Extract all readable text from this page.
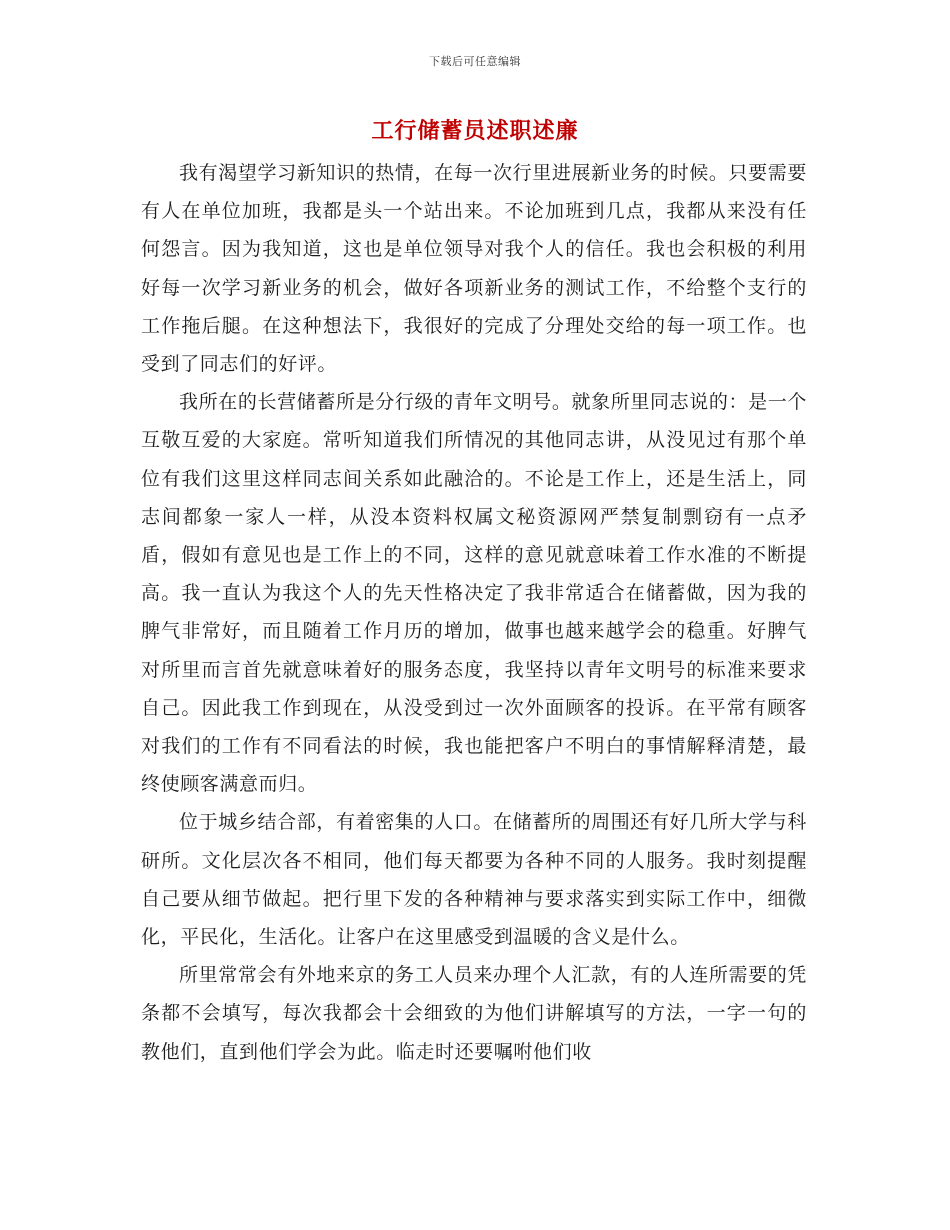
下载后可任意编辑
工行储蓄员述职述廉

我有渴望学习新知识的热情，在每一次行里进展新业务的时候。只要需要有人在单位加班，我都是头一个站出来。不论加班到几点，我都从来没有任何怨言。因为我知道，这也是单位领导对我个人的信任。我也会积极的利用好每一次学习新业务的机会，做好各项新业务的测试工作，不给整个支行的工作拖后腿。在这种想法下，我很好的完成了分理处交给的每一项工作。也受到了同志们的好评。

我所在的长营储蓄所是分行级的青年文明号。就象所里同志说的：是一个互敬互爱的大家庭。常听知道我们所情况的其他同志讲，从没见过有那个单位有我们这里这样同志间关系如此融洽的。不论是工作上，还是生活上，同志间都象一家人一样，从没本资料权属文秘资源网严禁复制剽窃有一点矛盾，假如有意见也是工作上的不同，这样的意见就意味着工作水准的不断提高。我一直认为我这个人的先天性格决定了我非常适合在储蓄做，因为我的脾气非常好，而且随着工作月历的增加，做事也越来越学会的稳重。好脾气对所里而言首先就意味着好的服务态度，我坚持以青年文明号的标准来要求自己。因此我工作到现在，从没受到过一次外面顾客的投诉。在平常有顾客对我们的工作有不同看法的时候，我也能把客户不明白的事情解释清楚，最终使顾客满意而归。

位于城乡结合部，有着密集的人口。在储蓄所的周围还有好几所大学与科研所。文化层次各不相同，他们每天都要为各种不同的人服务。我时刻提醒自己要从细节做起。把行里下发的各种精神与要求落实到实际工作中，细微化，平民化，生活化。让客户在这里感受到温暖的含义是什么。

所里常常会有外地来京的务工人员来办理个人汇款，有的人连所需要的凭条都不会填写，每次我都会十会细致的为他们讲解填写的方法，一字一句的教他们，直到他们学会为此。临走时还要嘱咐他们收
